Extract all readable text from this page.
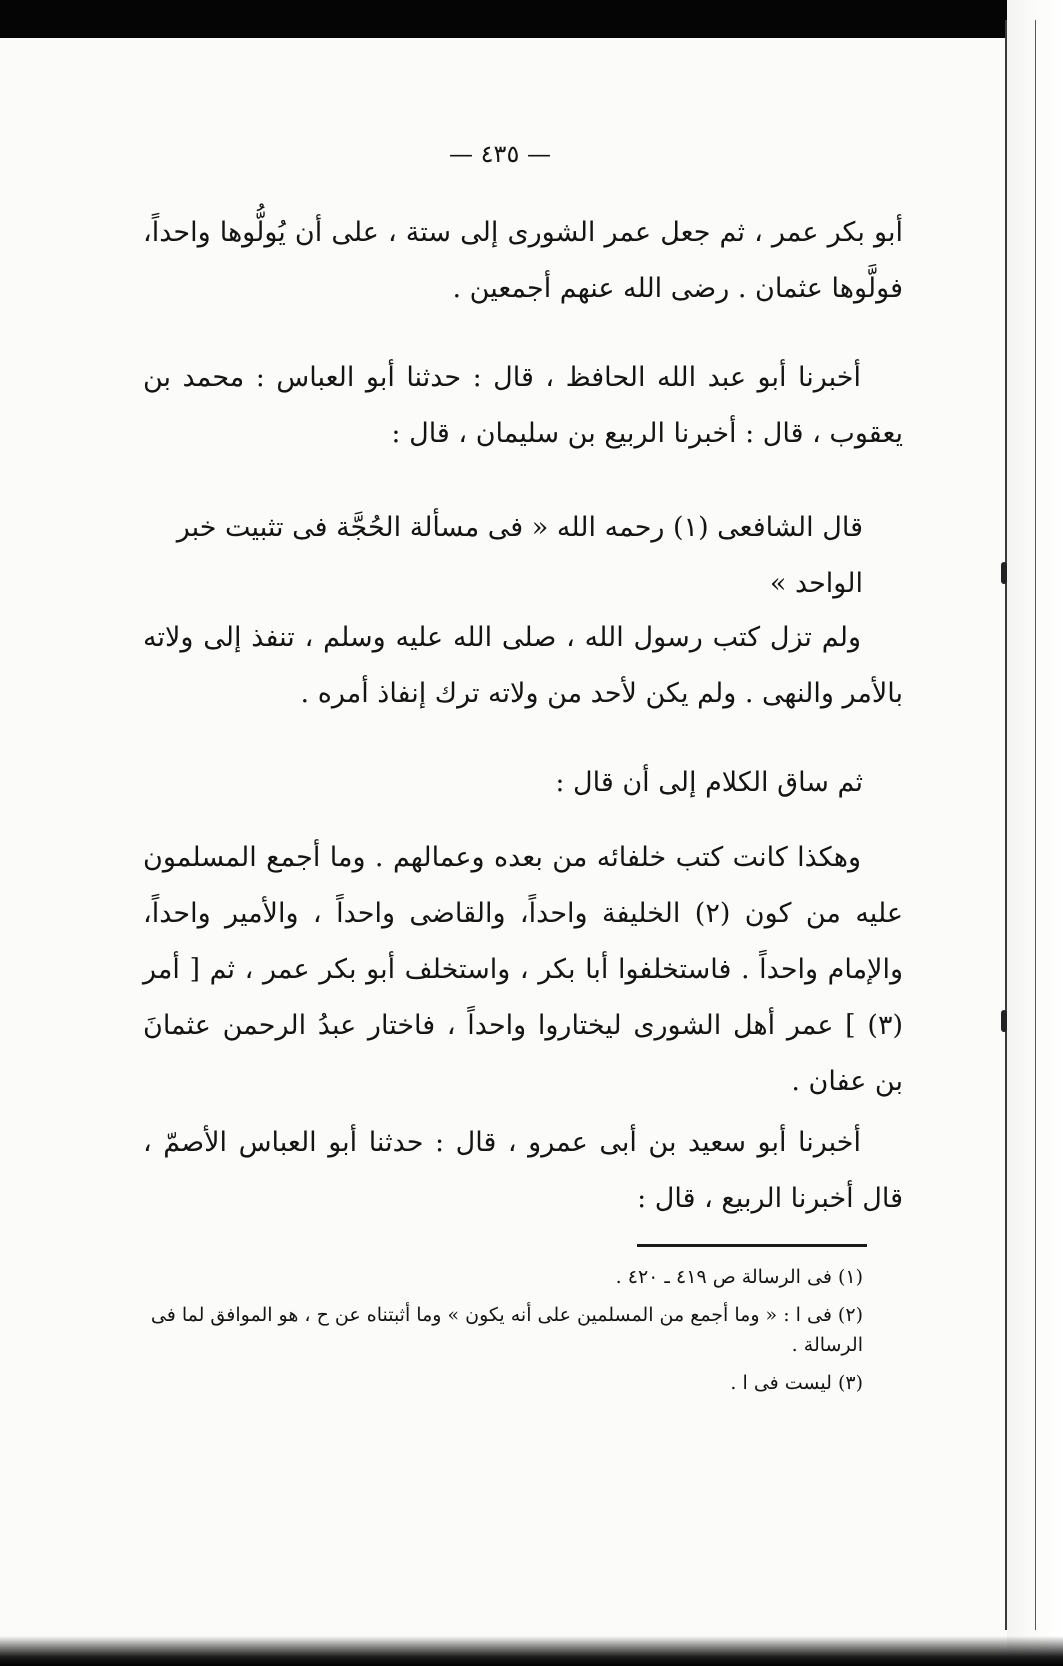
— ٤٣٥ —

أبو بكر عمر ، ثم جعل عمر الشورى إلى ستة ، على أن يُولُّوها واحداً، فولَّوها عثمان . رضى الله عنهم أجمعين .

أخبرنا أبو عبد الله الحافظ ، قال : حدثنا أبو العباس : محمد بن يعقوب ، قال : أخبرنا الربيع بن سليمان ، قال :

قال الشافعى (١) رحمه الله « فى مسألة الحُجَّة فى تثبيت خبر الواحد »

ولم تزل كتب رسول الله ، صلى الله عليه وسلم ، تنفذ إلى ولاته بالأمر والنهى . ولم يكن لأحد من ولاته ترك إنفاذ أمره .

ثم ساق الكلام إلى أن قال :

وهكذا كانت كتب خلفائه من بعده وعمالهم . وما أجمع المسلمون عليه من كون (٢) الخليفة واحداً، والقاضى واحداً ، والأمير واحداً، والإمام واحداً . فاستخلفوا أبا بكر ، واستخلف أبو بكر عمر ، ثم [ أمر (٣) ] عمر أهل الشورى ليختاروا واحداً ، فاختار عبدُ الرحمن عثمانَ بن عفان .

أخبرنا أبو سعيد بن أبى عمرو ، قال : حدثنا أبو العباس الأصمّ ، قال أخبرنا الربيع ، قال :

(١) فى الرسالة ص ٤١٩ ـ ٤٢٠ .
(٢) فى ا : « وما أجمع من المسلمين على أنه يكون » وما أثبتناه عن ح ، هو الموافق لما فى الرسالة .
(٣) ليست فى ا .
